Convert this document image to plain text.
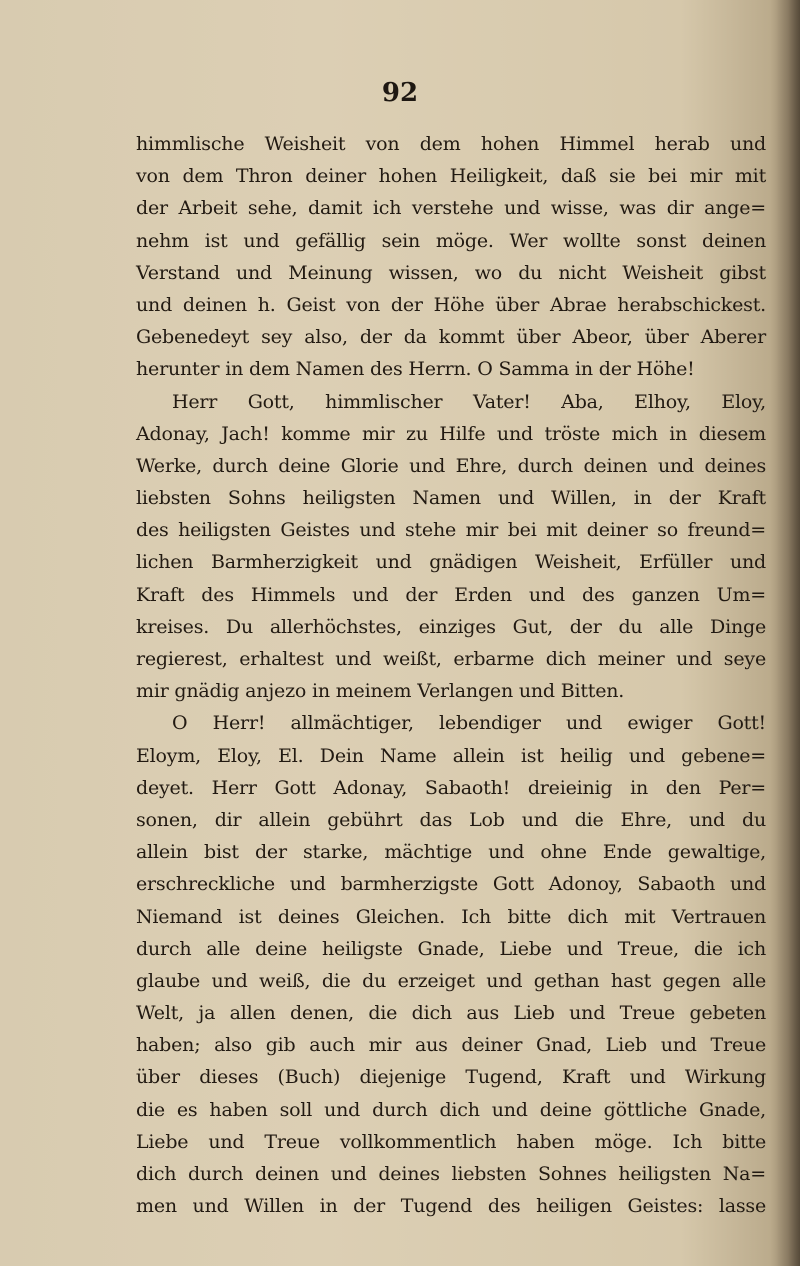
92
himmlische Weisheit von dem hohen Himmel herab und
von dem Thron deiner hohen Heiligkeit, daß sie bei mir mit
der Arbeit sehe, damit ich verstehe und wisse, was dir ange=
nehm ist und gefällig sein möge. Wer wollte sonst deinen
Verstand und Meinung wissen, wo du nicht Weisheit gibst
und deinen h. Geist von der Höhe über Abrae herabschickest.
Gebenedeyt sey also, der da kommt über Abeor, über Aberer
herunter in dem Namen des Herrn. O Samma in der Höhe!
Herr Gott, himmlischer Vater! Aba, Elhoy, Eloy,
Adonay, Jach! komme mir zu Hilfe und tröste mich in diesem
Werke, durch deine Glorie und Ehre, durch deinen und deines
liebsten Sohns heiligsten Namen und Willen, in der Kraft
des heiligsten Geistes und stehe mir bei mit deiner so freund=
lichen Barmherzigkeit und gnädigen Weisheit, Erfüller und
Kraft des Himmels und der Erden und des ganzen Um=
kreises. Du allerhöchstes, einziges Gut, der du alle Dinge
regierest, erhaltest und weißt, erbarme dich meiner und seye
mir gnädig anjezo in meinem Verlangen und Bitten.
O Herr! allmächtiger, lebendiger und ewiger Gott!
Eloym, Eloy, El. Dein Name allein ist heilig und gebene=
deyet. Herr Gott Adonay, Sabaoth! dreieinig in den Per=
sonen, dir allein gebührt das Lob und die Ehre, und du
allein bist der starke, mächtige und ohne Ende gewaltige,
erschreckliche und barmherzigste Gott Adonoy, Sabaoth und
Niemand ist deines Gleichen. Ich bitte dich mit Vertrauen
durch alle deine heiligste Gnade, Liebe und Treue, die ich
glaube und weiß, die du erzeiget und gethan hast gegen alle
Welt, ja allen denen, die dich aus Lieb und Treue gebeten
haben; also gib auch mir aus deiner Gnad, Lieb und Treue
über dieses (Buch) diejenige Tugend, Kraft und Wirkung
die es haben soll und durch dich und deine göttliche Gnade,
Liebe und Treue vollkommentlich haben möge. Ich bitte
dich durch deinen und deines liebsten Sohnes heiligsten Na=
men und Willen in der Tugend des heiligen Geistes: lasse
